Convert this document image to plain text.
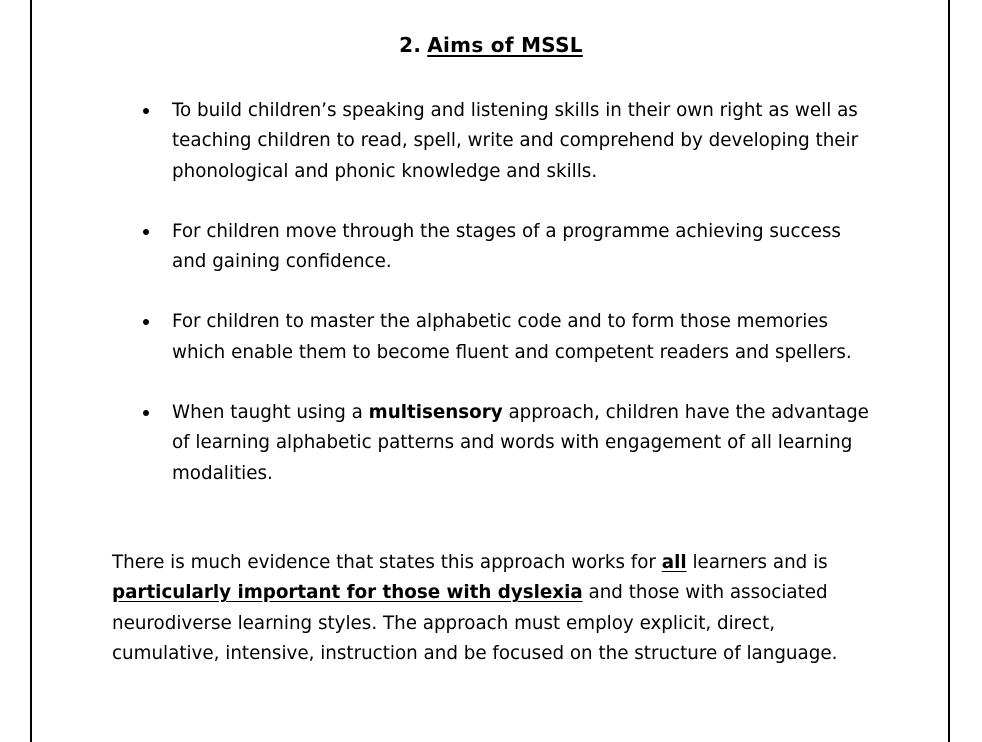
2. Aims of MSSL
To build children’s speaking and listening skills in their own right as well as teaching children to read, spell, write and comprehend by developing their phonological and phonic knowledge and skills.
For children move through the stages of a programme achieving success and gaining confidence.
For children to master the alphabetic code and to form those memories which enable them to become fluent and competent readers and spellers.
When taught using a multisensory approach, children have the advantage of learning alphabetic patterns and words with engagement of all learning modalities.

There is much evidence that states this approach works for all learners and is particularly important for those with dyslexia and those with associated neurodiverse learning styles. The approach must employ explicit, direct, cumulative, intensive, instruction and be focused on the structure of language.
